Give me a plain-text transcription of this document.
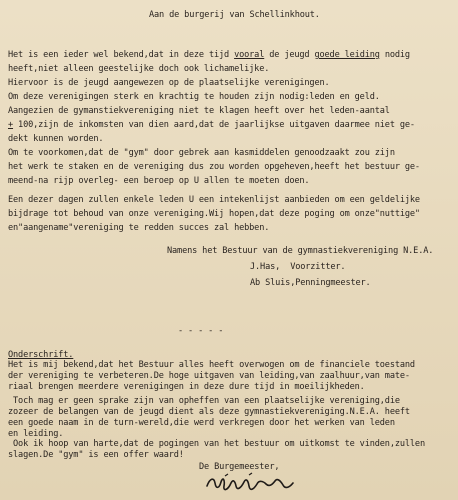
Aan de burgerij van Schellinkhout.
Het is een ieder wel bekend,dat in deze tijd vooral de jeugd goede leiding nodig
heeft,niet alleen geestelijke doch ook lichamelijke.
Hiervoor is de jeugd aangewezen op de plaatselijke verenigingen.
Om deze verenigingen sterk en krachtig te houden zijn nodig:leden en geld.
Aangezien de gymanstiekvereniging niet te klagen heeft over het leden-aantal
+ 100,zijn de inkomsten van dien aard,dat de jaarlijkse uitgaven daarmee niet ge-
dekt kunnen worden.
Om te voorkomen,dat de "gym" door gebrek aan kasmiddelen genoodzaakt zou zijn
het werk te staken en de vereniging dus zou worden opgeheven,heeft het bestuur ge-
meend-na rijp overleg- een beroep op U allen te moeten doen.
Een dezer dagen zullen enkele leden U een intekenlijst aanbieden om een geldelijke
bijdrage tot behoud van onze vereniging.Wij hopen,dat deze poging om onze"nuttige"
en"aangename"vereniging te redden succes zal hebben.
Namens het Bestuur van de gymnastiekvereniging N.E.A.
J.Has,  Voorzitter.
Ab Sluis,Penningmeester.
- - - - -
Onderschrift.
Het is mij bekend,dat het Bestuur alles heeft overwogen om de financiele toestand
der vereniging te verbeteren.De hoge uitgaven van leiding,van zaalhuur,van mate-
riaal brengen meerdere verenigingen in deze dure tijd in moeilijkheden.
Toch mag er geen sprake zijn van opheffen van een plaatselijke vereniging,die
zozeer de belangen van de jeugd dient als deze gymnastiekvereniging.N.E.A. heeft
een goede naam in de turn-wereld,die werd verkregen door het werken van leden
en leiding.
Ook ik hoop van harte,dat de pogingen van het bestuur om uitkomst te vinden,zullen
slagen.De "gym" is een offer waard!
De Burgemeester,
